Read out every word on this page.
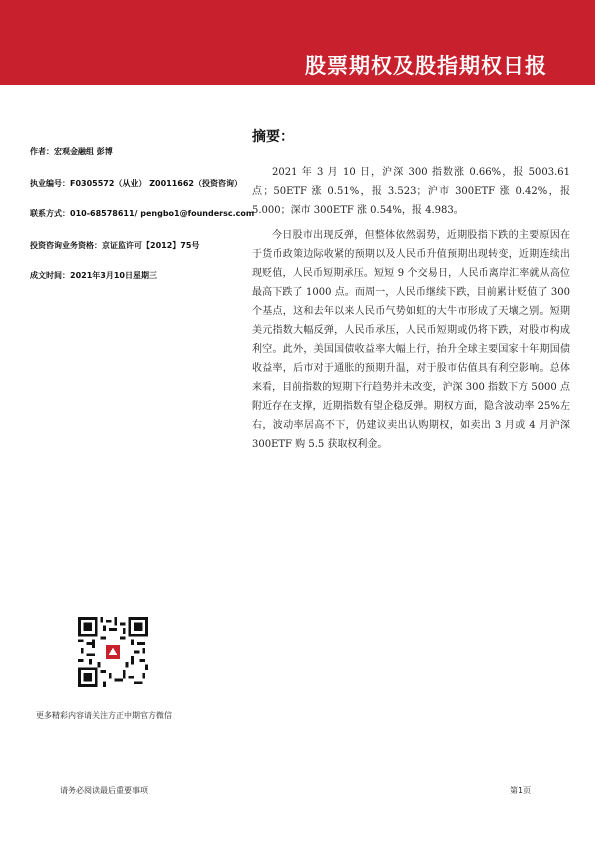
股票期权及股指期权日报
作者：宏观金融组 彭博
执业编号：F0305572（从业） Z0011662（投资咨询）
联系方式：010-68578611/ pengbo1@foundersc.com
投资咨询业务资格：京证监许可【2012】75号
成文时间：2021年3月10日星期三
摘要：

2021 年 3 月 10 日，沪深 300 指数涨 0.66%，报 5003.61 点；50ETF 涨 0.51%，报 3.523；沪市 300ETF 涨 0.42%，报 5.000；深市 300ETF 涨 0.54%，报 4.983。

今日股市出现反弹，但整体依然弱势，近期股指下跌的主要原因在于货币政策边际收紧的预期以及人民币升值预期出现转变，近期连续出现贬值，人民币短期承压。短短 9 个交易日，人民币离岸汇率就从高位最高下跌了 1000 点。而周一，人民币继续下跌，目前累计贬值了 300 个基点，这和去年以来人民币气势如虹的大牛市形成了天壤之别。短期美元指数大幅反弹，人民币承压，人民币短期或仍将下跌，对股市构成利空。此外，美国国债收益率大幅上行，抬升全球主要国家十年期国债收益率，后市对于通胀的预期升温，对于股市估值具有利空影响。总体来看，目前指数的短期下行趋势并未改变，沪深 300 指数下方 5000 点附近存在支撑，近期指数有望企稳反弹。期权方面，隐含波动率 25%左右，波动率居高不下，仍建议卖出认购期权，如卖出 3 月或 4 月沪深 300ETF 购 5.5 获取权利金。

更多精彩内容请关注方正中期官方微信
请务必阅读最后重要事项	第1页
